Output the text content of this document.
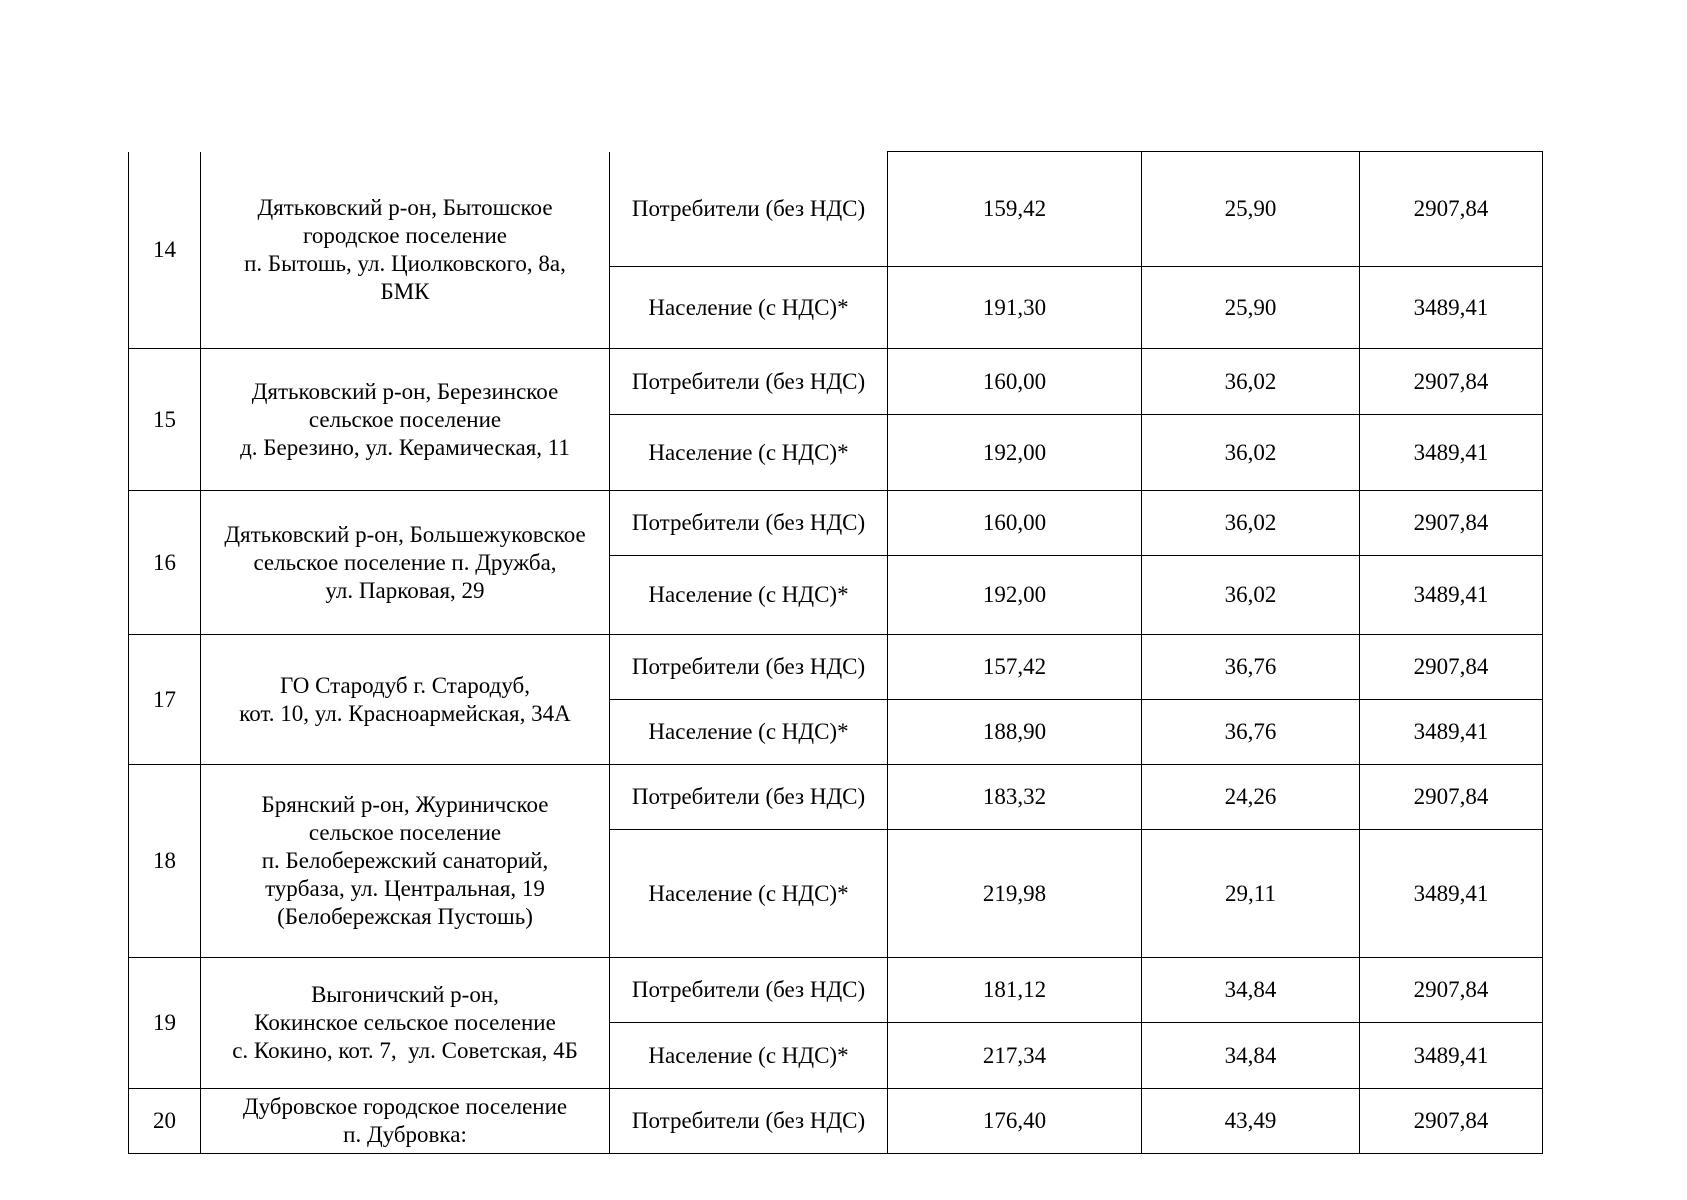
14	Дятьковский р-он, Бытошское
городское поселение
п. Бытошь, ул. Циолковского, 8а,
БМК	Потребители (без НДС)	159,42	25,90	2907,84
		Население (с НДС)*	191,30	25,90	3489,41
15	Дятьковский р-он, Березинское
сельское поселение
д. Березино, ул. Керамическая, 11	Потребители (без НДС)	160,00	36,02	2907,84
		Население (с НДС)*	192,00	36,02	3489,41
16	Дятьковский р-он, Большежуковское
сельское поселение п. Дружба,
ул. Парковая, 29	Потребители (без НДС)	160,00	36,02	2907,84
		Население (с НДС)*	192,00	36,02	3489,41
17	ГО Стародуб г. Стародуб,
кот. 10, ул. Красноармейская, 34А	Потребители (без НДС)	157,42	36,76	2907,84
		Население (с НДС)*	188,90	36,76	3489,41
18	Брянский р-он, Журиничское
сельское поселение
п. Белобережский санаторий,
турбаза, ул. Центральная, 19
(Белобережская Пустошь)	Потребители (без НДС)	183,32	24,26	2907,84
		Население (с НДС)*	219,98	29,11	3489,41
19	Выгоничский р-он,
Кокинское сельское поселение
с. Кокино, кот. 7,  ул. Советская, 4Б	Потребители (без НДС)	181,12	34,84	2907,84
		Население (с НДС)*	217,34	34,84	3489,41
20	Дубровское городское поселение
п. Дубровка:	Потребители (без НДС)	176,40	43,49	2907,84
